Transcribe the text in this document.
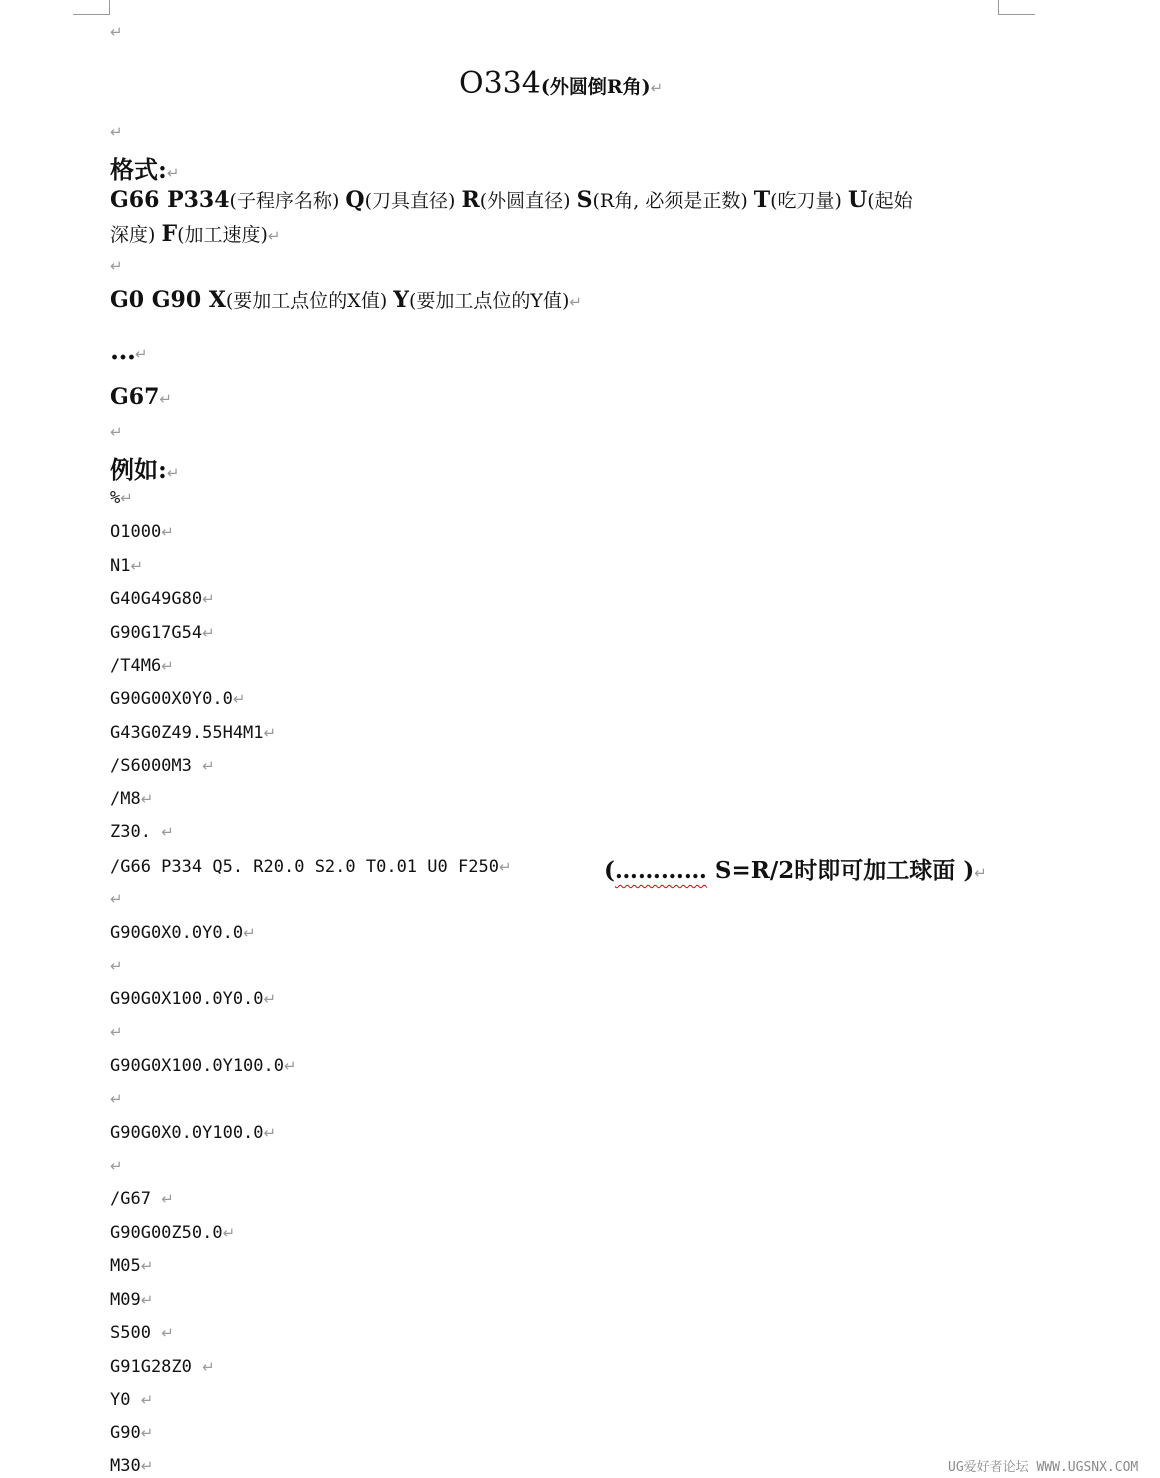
↵
O334(外圆倒R角)↵
↵
格式:↵
G66 P334(子程序名称) Q(刀具直径) R(外圆直径) S(R角, 必须是正数) T(吃刀量) U(起始
深度) F(加工速度)↵
↵
G0 G90 X(要加工点位的X值) Y(要加工点位的Y值)↵
…↵
G67↵
↵
例如:↵
%↵
O1000↵
N1↵
G40G49G80↵
G90G17G54↵
/T4M6↵
G90G00X0Y0.0↵
G43G0Z49.55H4M1↵
/S6000M3 ↵
/M8↵
Z30. ↵
/G66 P334 Q5. R20.0 S2.0 T0.01 U0 F250↵
↵
G90G0X0.0Y0.0↵
↵
G90G0X100.0Y0.0↵
↵
G90G0X100.0Y100.0↵
↵
G90G0X0.0Y100.0↵
↵
/G67 ↵
G90G00Z50.0↵
M05↵
M09↵
S500 ↵
G91G28Z0 ↵
Y0 ↵
G90↵
M30↵
(………… S=R/2时即可加工球面 )↵
UG爱好者论坛 WWW.UGSNX.COM
